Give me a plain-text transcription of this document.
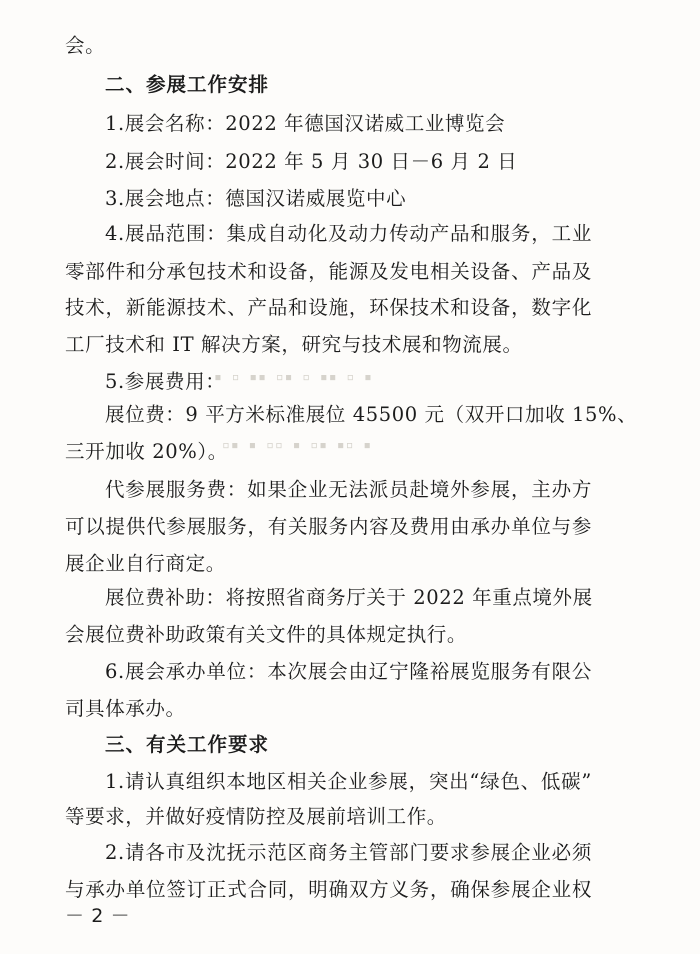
▪ ▫ ▪▪ ▫▪ ▫ ▪▪ ▫ ▪
▫▪ ▪ ▫▫ ▪ ▫▪ ▪▫ ▪
会。
二、参展工作安排
1.展会名称：2022 年德国汉诺威工业博览会
2.展会时间：2022 年 5 月 30 日－6 月 2 日
3.展会地点：德国汉诺威展览中心
4.展品范围：集成自动化及动力传动产品和服务，工业
零部件和分承包技术和设备，能源及发电相关设备、产品及
技术，新能源技术、产品和设施，环保技术和设备，数字化
工厂技术和 IT 解决方案，研究与技术展和物流展。
5.参展费用：
展位费：9 平方米标准展位 45500 元（双开口加收 15%、
三开加收 20%）。
代参展服务费：如果企业无法派员赴境外参展，主办方
可以提供代参展服务，有关服务内容及费用由承办单位与参
展企业自行商定。
展位费补助：将按照省商务厅关于 2022 年重点境外展
会展位费补助政策有关文件的具体规定执行。
6.展会承办单位：本次展会由辽宁隆裕展览服务有限公
司具体承办。
三、有关工作要求
1.请认真组织本地区相关企业参展，突出“绿色、低碳”
等要求，并做好疫情防控及展前培训工作。
2.请各市及沈抚示范区商务主管部门要求参展企业必须
与承办单位签订正式合同，明确双方义务，确保参展企业权
－ 2 －
